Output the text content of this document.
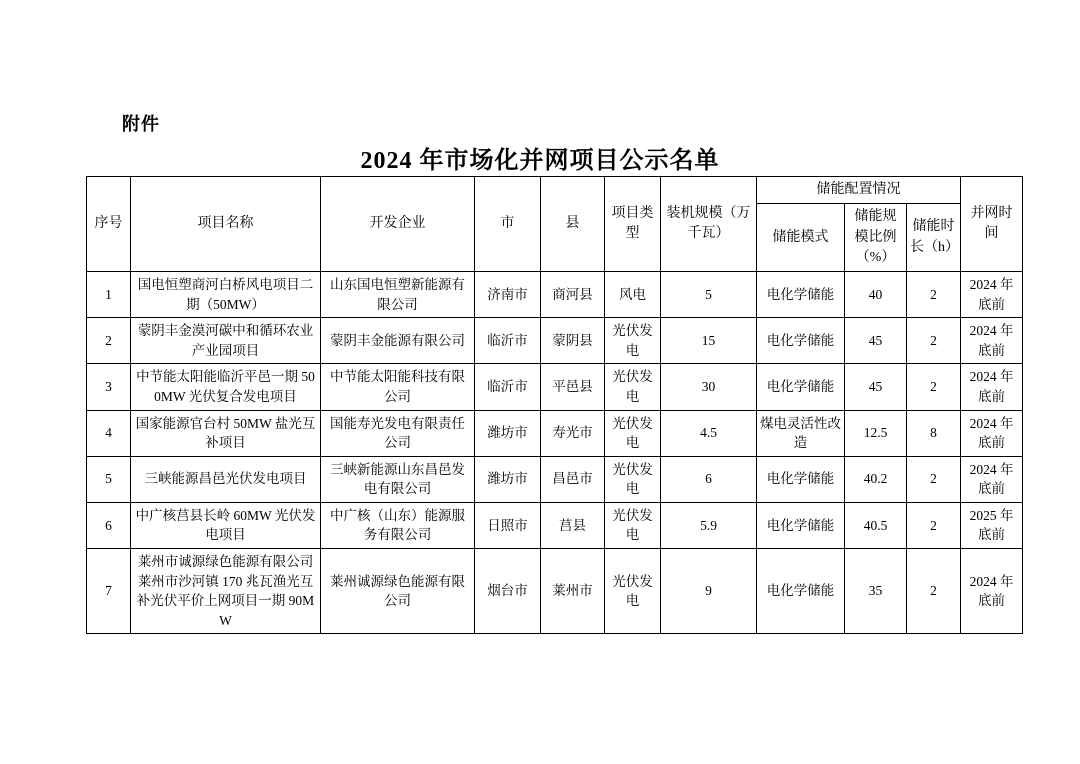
附件
2024 年市场化并网项目公示名单
序号	项目名称	开发企业	市	县	项目类型	装机规模（万千瓦）	储能配置情况			并网时间
							储能模式	储能规模比例（%）	储能时长（h）	
1	国电恒塑商河白桥风电项目二期（50MW）	山东国电恒塑新能源有限公司	济南市	商河县	风电	5	电化学储能	40	2	2024 年底前
2	蒙阴丰金漠河碳中和循环农业产业园项目	蒙阴丰金能源有限公司	临沂市	蒙阴县	光伏发电	15	电化学储能	45	2	2024 年底前
3	中节能太阳能临沂平邑一期 500MW 光伏复合发电项目	中节能太阳能科技有限公司	临沂市	平邑县	光伏发电	30	电化学储能	45	2	2024 年底前
4	国家能源官台村 50MW 盐光互补项目	国能寿光发电有限责任公司	潍坊市	寿光市	光伏发电	4.5	煤电灵活性改造	12.5	8	2024 年底前
5	三峡能源昌邑光伏发电项目	三峡新能源山东昌邑发电有限公司	潍坊市	昌邑市	光伏发电	6	电化学储能	40.2	2	2024 年底前
6	中广核莒县长岭 60MW 光伏发电项目	中广核（山东）能源服务有限公司	日照市	莒县	光伏发电	5.9	电化学储能	40.5	2	2025 年底前
7	莱州市诚源绿色能源有限公司莱州市沙河镇 170 兆瓦渔光互补光伏平价上网项目一期 90MW	莱州诚源绿色能源有限公司	烟台市	莱州市	光伏发电	9	电化学储能	35	2	2024 年底前
